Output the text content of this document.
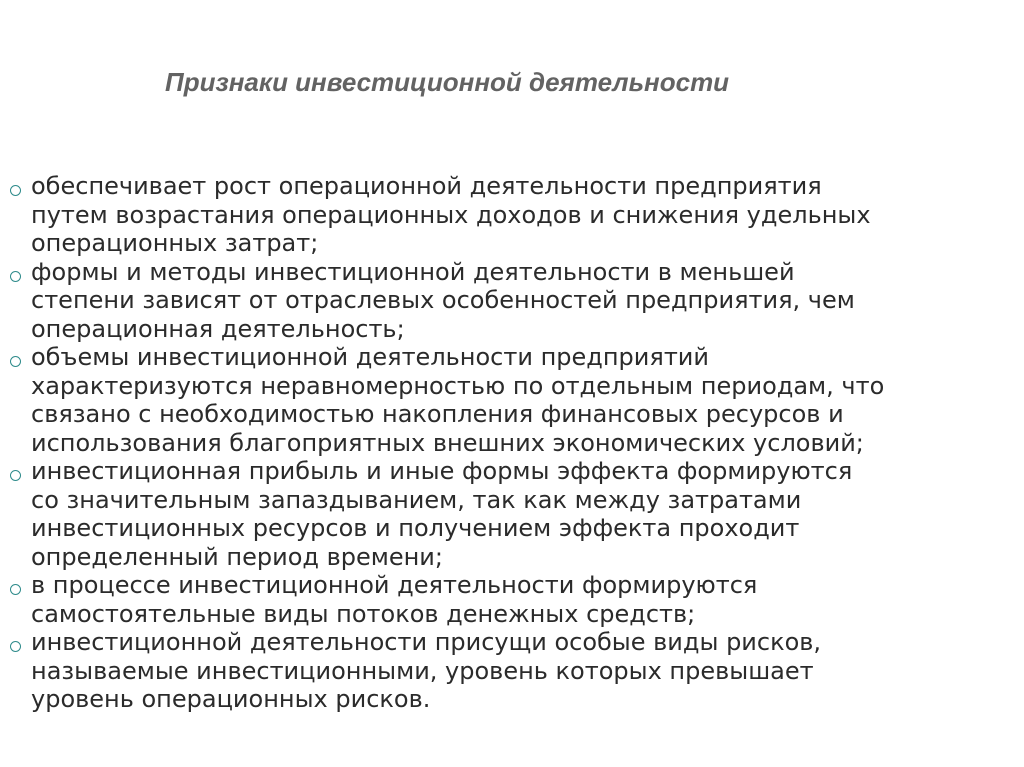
Признаки инвестиционной деятельности
обеспечивает рост операционной деятельности предприятия
путем возрастания операционных доходов и снижения удельных
операционных затрат;
формы и методы инвестиционной деятельности в меньшей
степени зависят от отраслевых особенностей предприятия, чем
операционная деятельность;
объемы инвестиционной деятельности предприятий
характеризуются неравномерностью по отдельным периодам, что
связано с необходимостью накопления финансовых ресурсов и
использования благоприятных внешних экономических условий;
инвестиционная прибыль и иные формы эффекта формируются
со значительным запаздыванием, так как между затратами
инвестиционных ресурсов и получением эффекта проходит
определенный период времени;
в процессе инвестиционной деятельности формируются
самостоятельные виды потоков денежных средств;
инвестиционной деятельности присущи особые виды рисков,
называемые инвестиционными, уровень которых превышает
уровень операционных рисков.
